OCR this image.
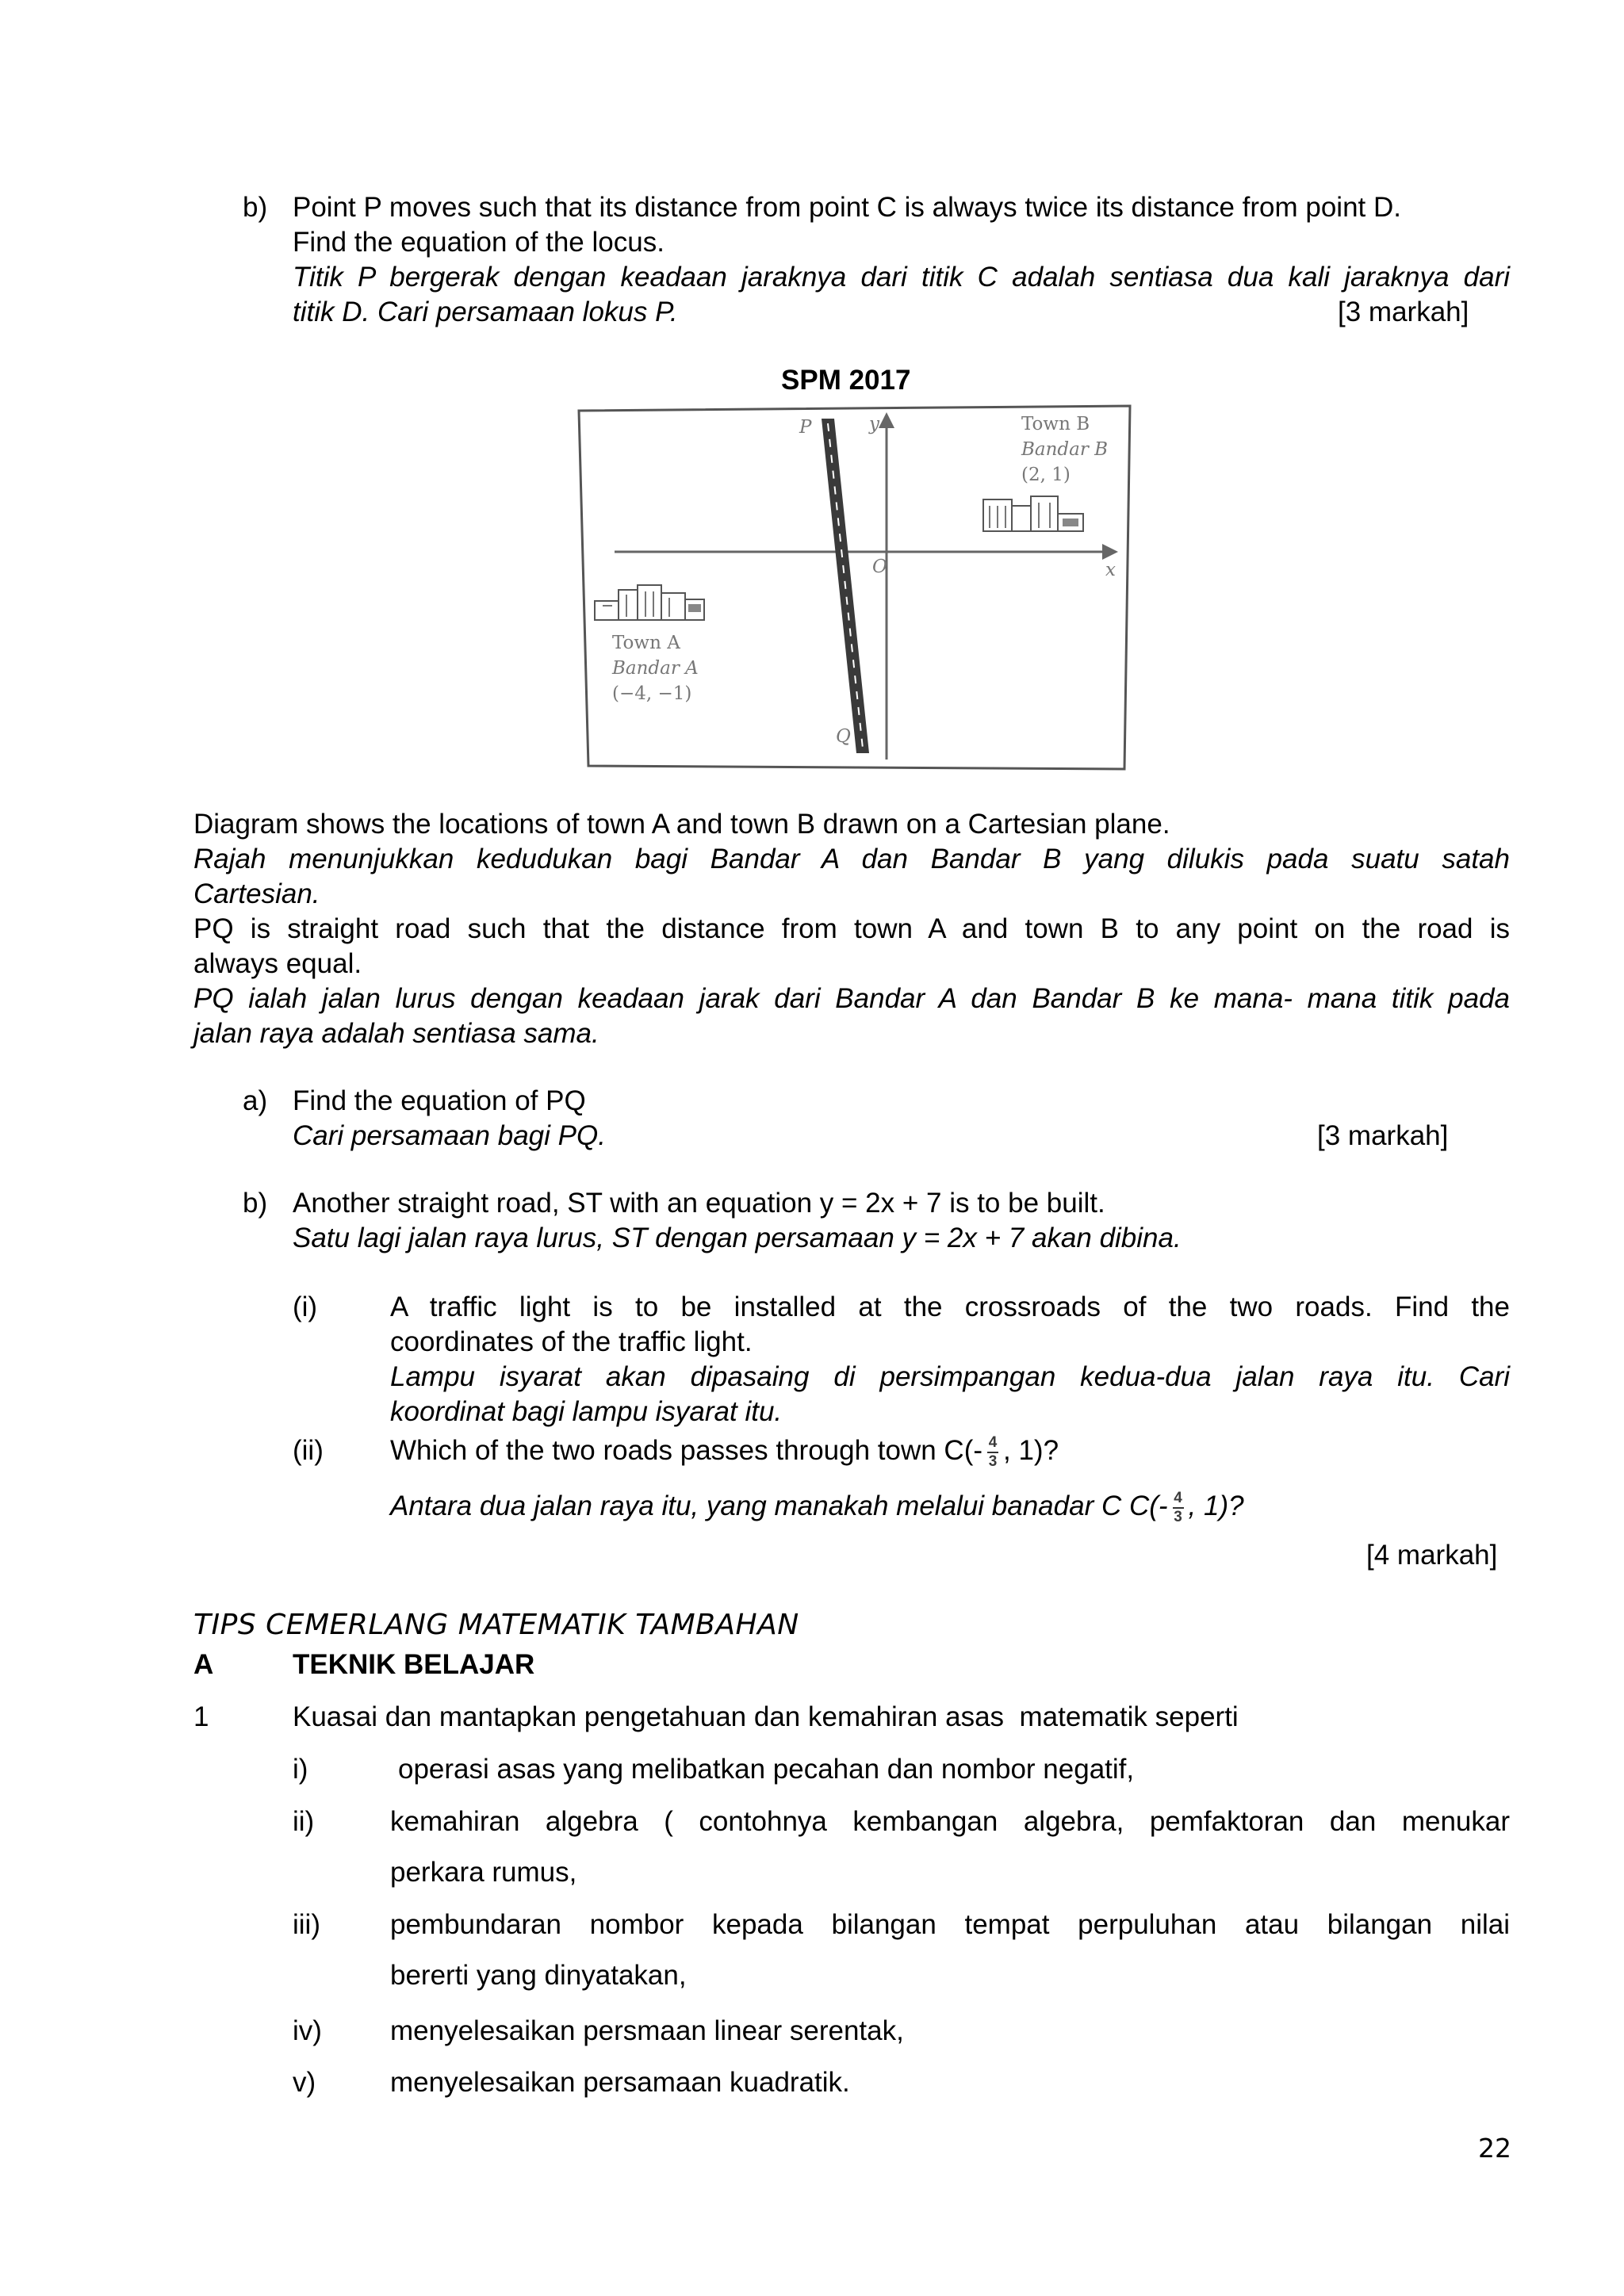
b) Point P moves such that its distance from point C is always twice its distance from point D.
Find the equation of the locus.
Titik P bergerak dengan keadaan jaraknya dari titik C adalah sentiasa dua kali jaraknya dari
titik D. Cari persamaan lokus P.	[3 markah]
SPM 2017
P
Q
y
x
O
Town B
Bandar B
(2, 1)
Town A
Bandar A
(−4, −1)
Diagram shows the locations of town A and town B drawn on a Cartesian plane.
Rajah menunjukkan kedudukan bagi Bandar A dan Bandar B yang dilukis pada suatu satah
Cartesian.
PQ is straight road such that the distance from town A and town B to any point on the road is
always equal.
PQ ialah jalan lurus dengan keadaan jarak dari Bandar A dan Bandar B ke mana- mana titik pada
jalan raya adalah sentiasa sama.
a) Find the equation of PQ
Cari persamaan bagi PQ.	[3 markah]
b) Another straight road, ST with an equation y = 2x + 7 is to be built.
Satu lagi jalan raya lurus, ST dengan persamaan y = 2x + 7 akan dibina.
(i)	A traffic light is to be installed at the crossroads of the two roads. Find the
coordinates of the traffic light.
Lampu isyarat akan dipasaing di persimpangan kedua-dua jalan raya itu. Cari
koordinat bagi lampu isyarat itu.
(ii) Which of the two roads passes through town $C(- \frac{4}{3}$ , 1)?
Antara dua jalan raya itu, yang manakah melalui banadar C $C(- \frac{4}{3}$ , 1)?
[4 markah]
TIPS CEMERLANG MATEMATIK TAMBAHAN
A	TEKNIK BELAJAR
1	Kuasai dan mantapkan pengetahuan dan kemahiran asas  matematik seperti
i)	operasi asas yang melibatkan pecahan dan nombor negatif,
ii)	kemahiran algebra ( contohnya kembangan algebra, pemfaktoran dan menukar
perkara rumus,
iii)	pembundaran nombor kepada bilangan tempat perpuluhan atau bilangan nilai
bererti yang dinyatakan,
iv) menyelesaikan persmaan linear serentak,
v)	menyelesaikan persamaan kuadratik.
22
